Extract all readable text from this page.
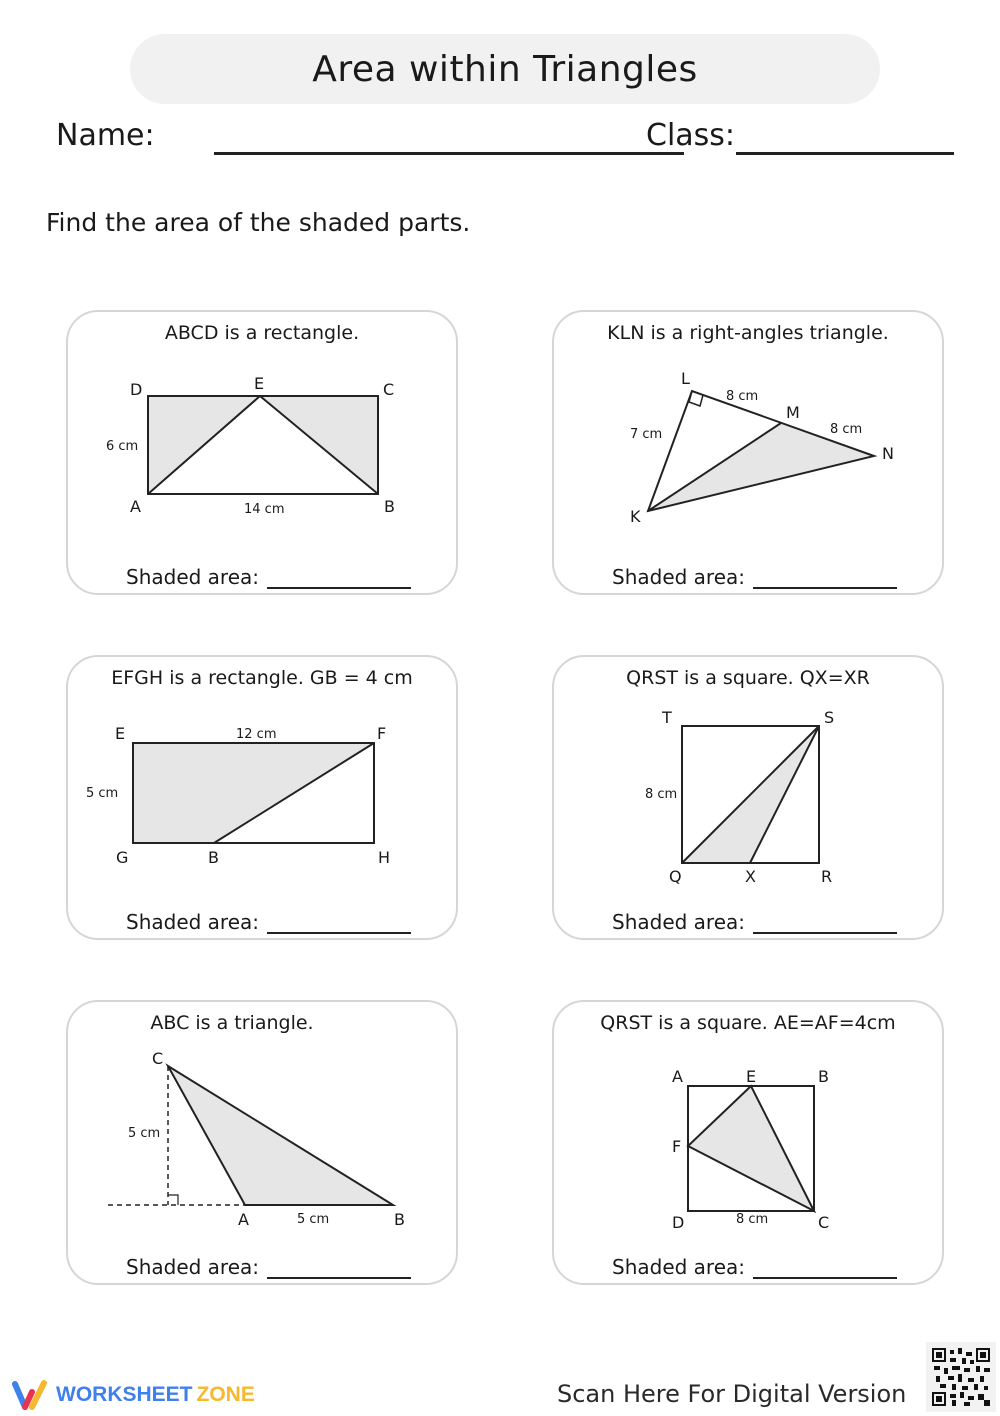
Area within Triangles
Name:	Class:
Find the area of the shaded parts.
ABCD is a rectangle.
D	E	C
A	B
6 cm
14 cm
Shaded area:
KLN is a right-angles triangle.
L
M
N
K
7 cm
8 cm
8 cm
Shaded area:
EFGH is a rectangle. GB = 4 cm
E	F
G	B	H
12 cm
5 cm
Shaded area:
QRST is a square. QX=XR
T	S
Q	X	R
8 cm
Shaded area:
ABC is a triangle.
C
A	B
5 cm
5 cm
Shaded area:
QRST is a square. AE=AF=4cm
A	E	B
F
D	C
8 cm
Shaded area:
WORKSHEET ZONE	Scan Here For Digital Version
